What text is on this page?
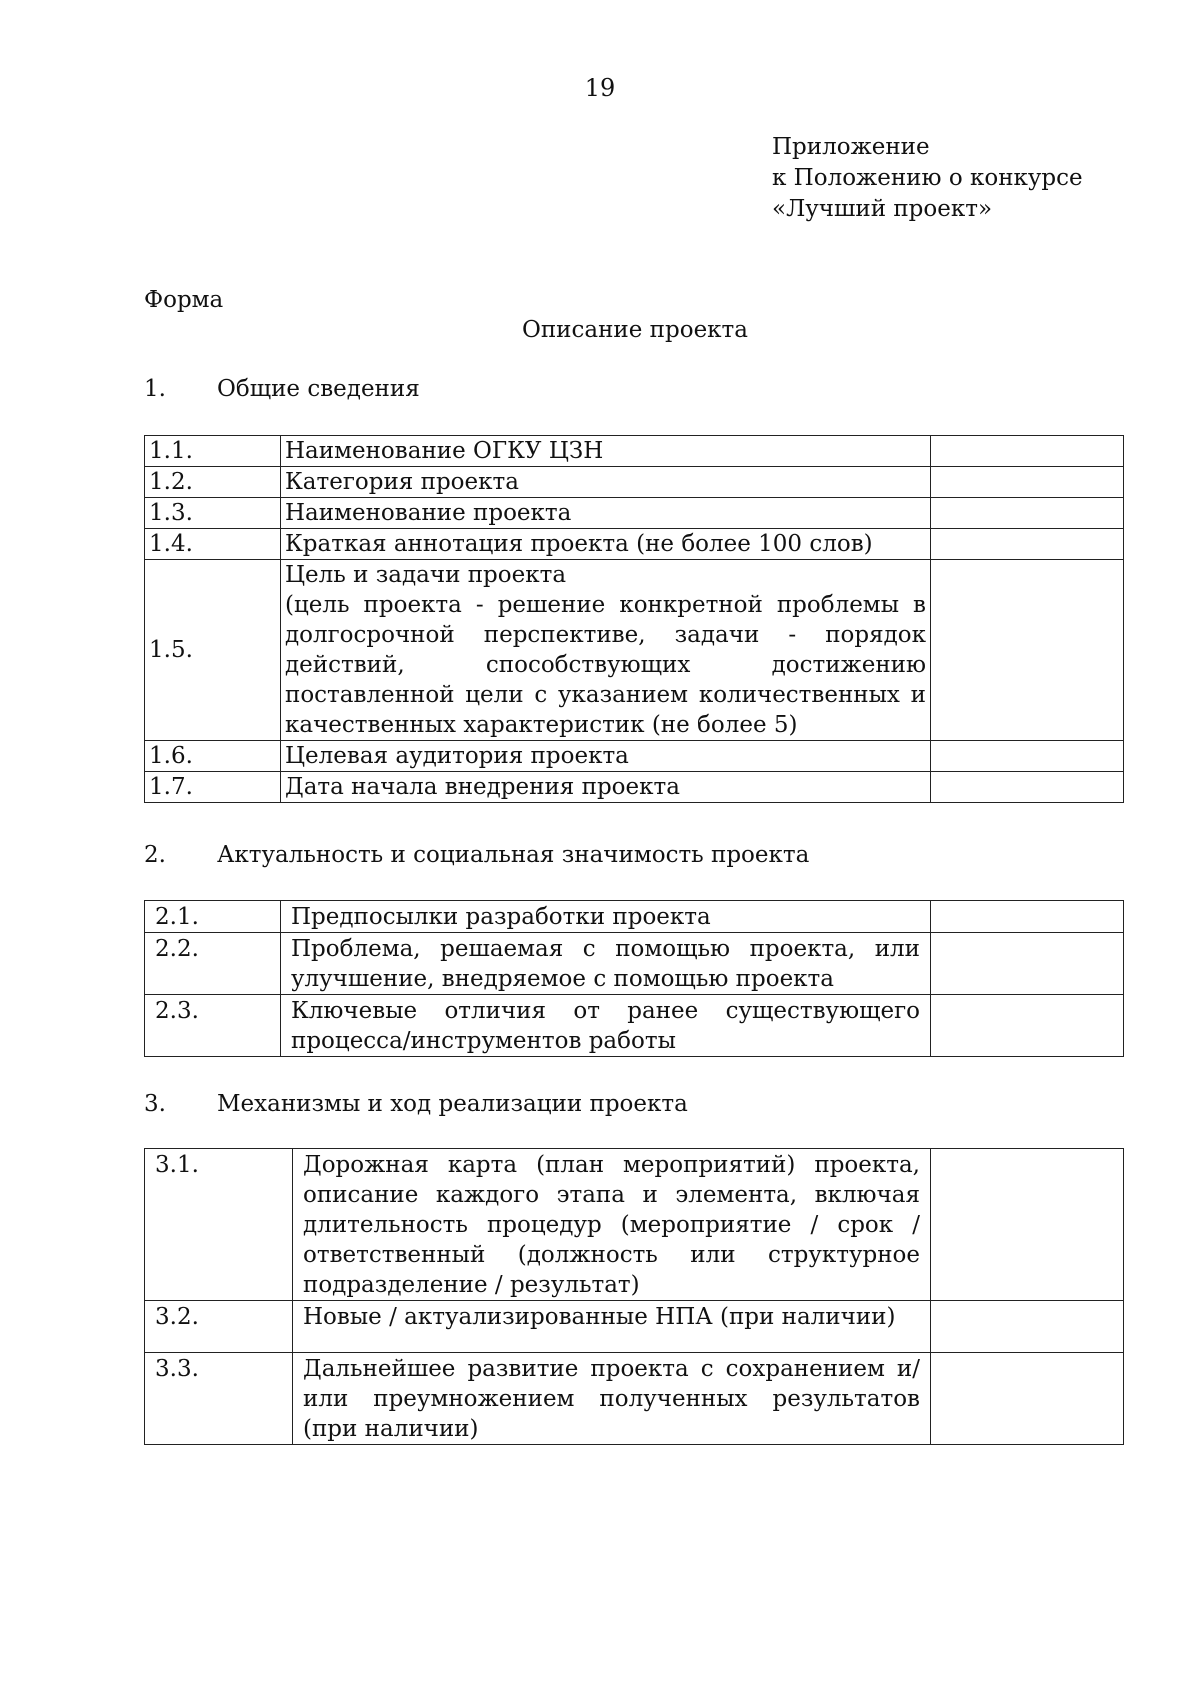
19
Приложение
к Положению о конкурсе
«Лучший проект»
Форма
Описание проекта
1. Общие сведения
1.1.	Наименование ОГКУ ЦЗН	
1.2.	Категория проекта	
1.3.	Наименование проекта	
1.4.	Краткая аннотация проекта (не более 100 слов)	
1.5.	Цель и задачи проекта
(цель проекта - решение конкретной проблемы в долгосрочной перспективе, задачи - порядок действий, способствующих достижению поставленной цели с указанием количественных и качественных характеристик (не более 5)	

1.6.	Целевая аудитория проекта	
1.7.	Дата начала внедрения проекта	
2. Актуальность и социальная значимость проекта
2.1.	Предпосылки разработки проекта	
2.2.	Проблема, решаемая с помощью проекта, или улучшение, внедряемое с помощью проекта	
2.3.	Ключевые отличия от ранее существующего процесса/инструментов работы	
3. Механизмы и ход реализации проекта
3.1.	Дорожная карта (план мероприятий) проекта, описание каждого этапа и элемента, включая длительность процедур (мероприятие / срок / ответственный (должность или структурное подразделение / результат)	
3.2.	Новые / актуализированные НПА (при наличии)	
3.3.	Дальнейшее развитие проекта с сохранением и/или преумножением полученных результатов (при наличии)	
